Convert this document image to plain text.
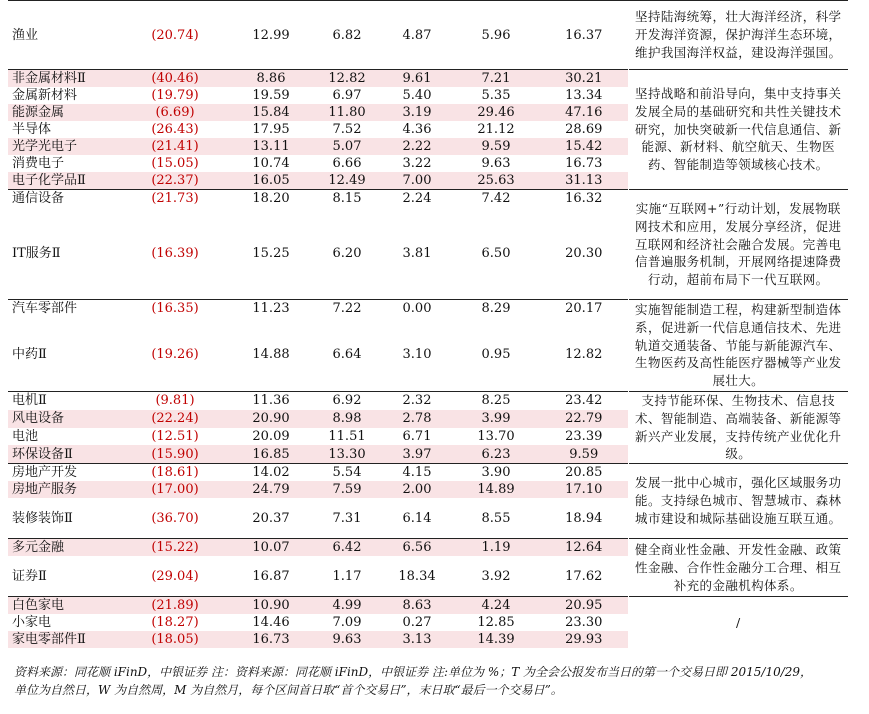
渔业	(20.74)	12.99	6.82	4.87	5.96	16.37	坚持陆海统筹，壮大海洋经济，科学开发海洋资源，保护海洋生态环境，维护我国海洋权益，建设海洋强国。
非金属材料Ⅱ	(40.46)	8.86	12.82	9.61	7.21	30.21	坚持战略和前沿导向，集中支持事关发展全局的基础研究和共性关键技术研究，加快突破新一代信息通信、新能源、新材料、航空航天、生物医药、智能制造等领域核心技术。
金属新材料	(19.79)	19.59	6.97	5.40	5.35	13.34	
能源金属	(6.69)	15.84	11.80	3.19	29.46	47.16	
半导体	(26.43)	17.95	7.52	4.36	21.12	28.69	
光学光电子	(21.41)	13.11	5.07	2.22	9.59	15.42	
消费电子	(15.05)	10.74	6.66	3.22	9.63	16.73	
电子化学品Ⅱ	(22.37)	16.05	12.49	7.00	25.63	31.13	
通信设备	(21.73)	18.20	8.15	2.24	7.42	16.32	实施“互联网+”行动计划，发展物联网技术和应用，发展分享经济，促进互联网和经济社会融合发展。完善电信普遍服务机制，开展网络提速降费行动，超前布局下一代互联网。
IT服务Ⅱ	(16.39)	15.25	6.20	3.81	6.50	20.30	
汽车零部件	(16.35)	11.23	7.22	0.00	8.29	20.17	实施智能制造工程，构建新型制造体系，促进新一代信息通信技术、先进轨道交通装备、节能与新能源汽车、生物医药及高性能医疗器械等产业发展壮大。
中药Ⅱ	(19.26)	14.88	6.64	3.10	0.95	12.82	
电机Ⅱ	(9.81)	11.36	6.92	2.32	8.25	23.42	支持节能环保、生物技术、信息技术、智能制造、高端装备、新能源等新兴产业发展，支持传统产业优化升级。
风电设备	(22.24)	20.90	8.98	2.78	3.99	22.79	
电池	(12.51)	20.09	11.51	6.71	13.70	23.39	
环保设备Ⅱ	(15.90)	16.85	13.30	3.97	6.23	9.59	
房地产开发	(18.61)	14.02	5.54	4.15	3.90	20.85	发展一批中心城市，强化区域服务功能。支持绿色城市、智慧城市、森林城市建设和城际基础设施互联互通。
房地产服务	(17.00)	24.79	7.59	2.00	14.89	17.10	
装修装饰Ⅱ	(36.70)	20.37	7.31	6.14	8.55	18.94	
多元金融	(15.22)	10.07	6.42	6.56	1.19	12.64	健全商业性金融、开发性金融、政策性金融、合作性金融分工合理、相互补充的金融机构体系。
证券Ⅱ	(29.04)	16.87	1.17	18.34	3.92	17.62	
白色家电	(21.89)	10.90	4.99	8.63	4.24	20.95	/
小家电	(18.27)	14.46	7.09	0.27	12.85	23.30	
家电零部件Ⅱ	(18.05)	16.73	9.63	3.13	14.39	29.93	
资料来源：同花顺 iFinD，中银证券 注：资料来源：同花顺 iFinD，中银证券 注:单位为 %；T 为全会公报发布当日的第一个交易日即 2015/10/29，
单位为自然日，W 为自然周，M 为自然月，每个区间首日取“首个交易日”，末日取“最后一个交易日”。
